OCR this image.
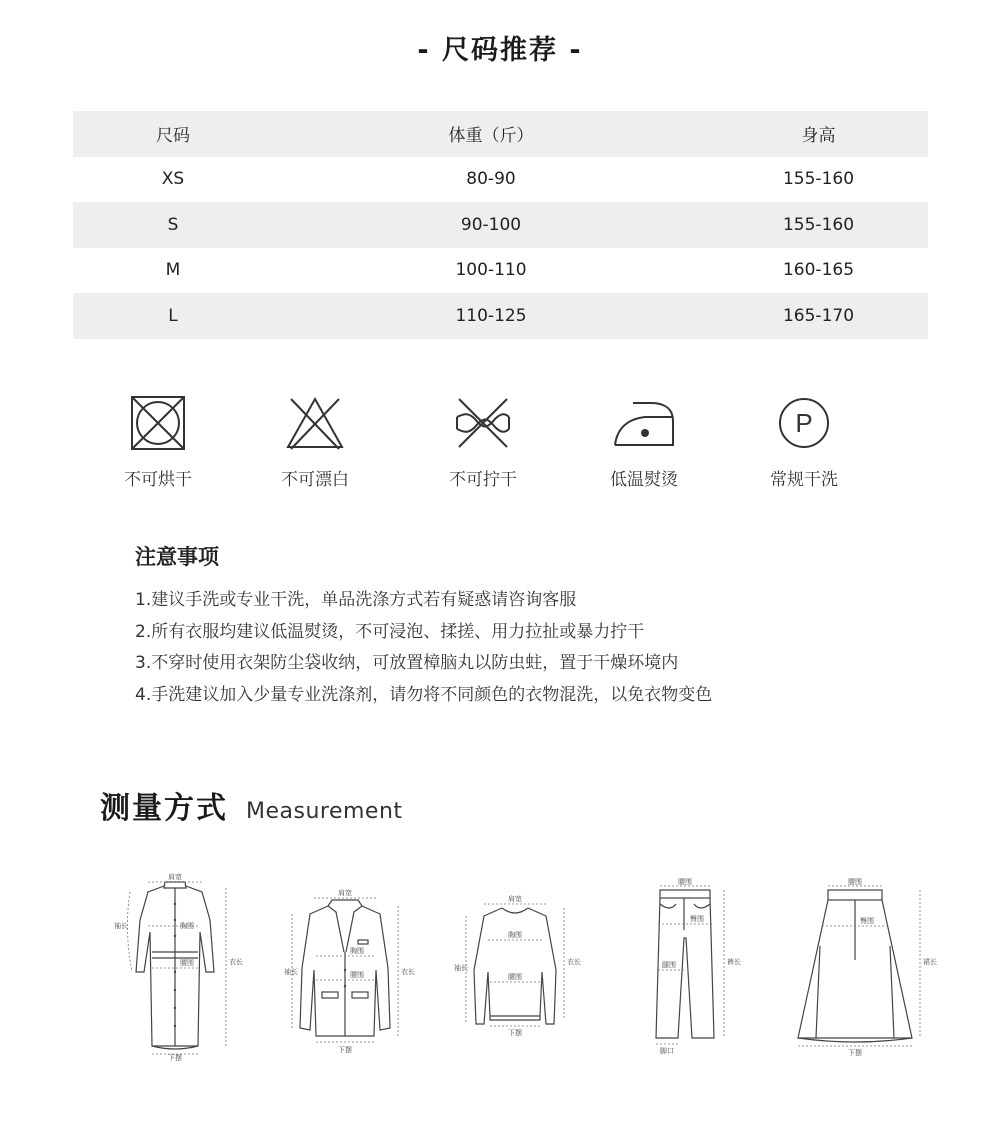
- 尺码推荐 -
尺码	体重（斤）	身高
XS	80-90	155-160
S	90-100	155-160
M	100-110	160-165
L	110-125	165-170
不可烘干	不可漂白	不可拧干	低温熨烫
P
常规干洗
注意事项
1.建议手洗或专业干洗，单品洗涤方式若有疑惑请咨询客服
2.所有衣服均建议低温熨烫，不可浸泡、揉搓、用力拉扯或暴力拧干
3.不穿时使用衣架防尘袋收纳，可放置樟脑丸以防虫蛀，置于干燥环境内
4.手洗建议加入少量专业洗涤剂，请勿将不同颜色的衣物混洗，以免衣物变色
测量方式 Measurement
肩宽
袖长	胸围
腰围	衣长
下摆
肩宽
袖长
胸围
腰围	衣长
下摆
肩宽
袖长
胸围
腰围
衣长
下摆
腰围
臀围
腿围	裤长
脚口
腰围
臀围
裙长
下摆
